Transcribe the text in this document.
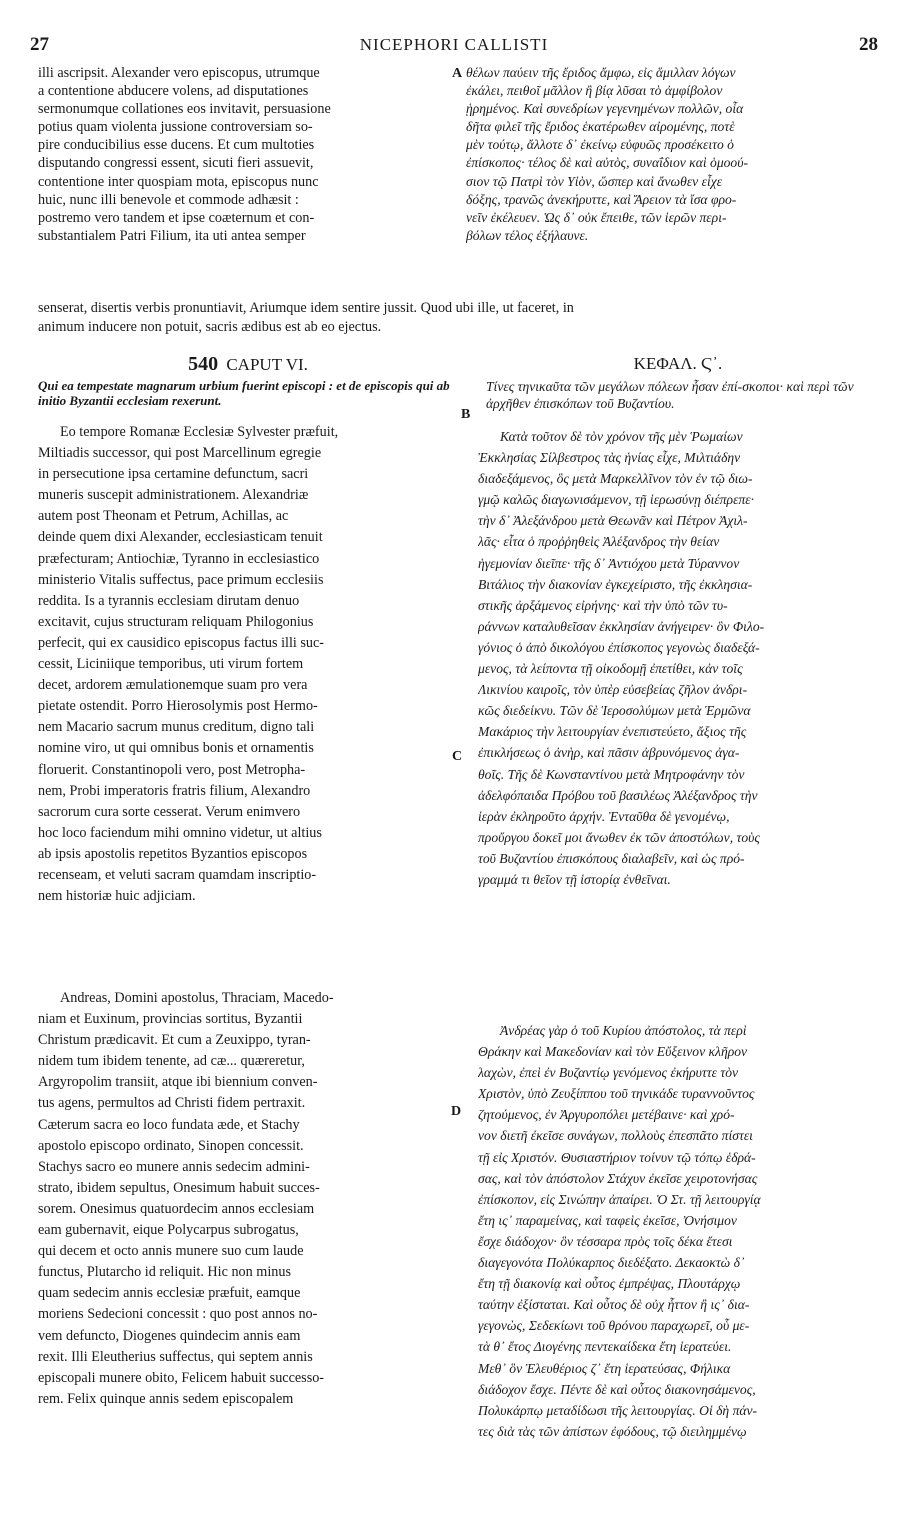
27	NICEPHORI CALLISTI	28
A
B
C
D
illi ascripsit. Alexander vero episcopus, utrumque
a contentione abducere volens, ad disputationes
sermonumque collationes eos invitavit, persuasione
potius quam violenta jussione controversiam so-
pire conducibilius esse ducens. Et cum multoties
disputando congressi essent, sicuti fieri assuevit,
contentione inter quospiam mota, episcopus nunc
huic, nunc illi benevole et commode adhæsit :
postremo vero tandem et ipse coæternum et con-
substantialem Patri Filium, ita uti antea semper
θέλων παύειν τῆς ἔριδος ἄμφω, εἰς ἅμιλλαν λόγων
ἐκάλει, πειθοῖ μᾶλλον ἢ βίᾳ λῦσαι τὸ ἀμφίβολον
ᾑρημένος. Καὶ συνεδρίων γεγενημένων πολλῶν, οἷα
δῆτα φιλεῖ τῆς ἔριδος ἑκατέρωθεν αἰρομένης, ποτὲ
μὲν τούτῳ, ἄλλοτε δ᾽ ἐκείνῳ εὐφυῶς προσέκειτο ὁ
ἐπίσκοπος· τέλος δὲ καὶ αὐτὸς, συναΐδιον καὶ ὁμοού-
σιον τῷ Πατρὶ τὸν Υἱὸν, ὥσπερ καὶ ἄνωθεν εἶχε
δόξης, τρανῶς ἀνεκήρυττε, καὶ Ἄρειον τὰ ἴσα φρο-
νεῖν ἐκέλευεν. Ὡς δ᾽ οὐκ ἔπειθε, τῶν ἱερῶν περι-
βόλων τέλος ἐξήλαυνε.
senserat, disertis verbis pronuntiavit, Ariumque idem sentire jussit. Quod ubi ille, ut faceret, in
animum inducere non potuit, sacris ædibus est ab eo ejectus.
540 CAPUT VI.
Qui ea tempestate magnarum urbium fuerint episcopi : et de episcopis qui ab initio Byzantii ecclesiam rexerunt.
Eo tempore Romanæ Ecclesiæ Sylvester præfuit,
Miltiadis successor, qui post Marcellinum egregie
in persecutione ipsa certamine defunctum, sacri
muneris suscepit administrationem. Alexandriæ
autem post Theonam et Petrum, Achillas, ac
deinde quem dixi Alexander, ecclesiasticam tenuit
præfecturam; Antiochiæ, Tyranno in ecclesiastico
ministerio Vitalis suffectus, pace primum ecclesiis
reddita. Is a tyrannis ecclesiam dirutam denuo
excitavit, cujus structuram reliquam Philogonius
perfecit, qui ex causidico episcopus factus illi suc-
cessit, Liciniique temporibus, uti virum fortem
decet, ardorem æmulationemque suam pro vera
pietate ostendit. Porro Hierosolymis post Hermo-
nem Macario sacrum munus creditum, digno tali
nomine viro, ut qui omnibus bonis et ornamentis
floruerit. Constantinopoli vero, post Metropha-
nem, Probi imperatoris fratris filium, Alexandro
sacrorum cura sorte cesserat. Verum enimvero
hoc loco faciendum mihi omnino videtur, ut altius
ab ipsis apostolis repetitos Byzantios episcopos
recenseam, et veluti sacram quamdam inscriptio-
nem historiæ huic adjiciam.
Andreas, Domini apostolus, Thraciam, Macedo-
niam et Euxinum, provincias sortitus, Byzantii
Christum prædicavit. Et cum a Zeuxippo, tyran-
nidem tum ibidem tenente, ad cæ... quæreretur,
Argyropolim transiit, atque ibi biennium conven-
tus agens, permultos ad Christi fidem pertraxit.
Cæterum sacra eo loco fundata æde, et Stachy
apostolo episcopo ordinato, Sinopen concessit.
Stachys sacro eo munere annis sedecim admini-
strato, ibidem sepultus, Onesimum habuit succes-
sorem. Onesimus quatuordecim annos ecclesiam
eam gubernavit, eique Polycarpus subrogatus,
qui decem et octo annis munere suo cum laude
functus, Plutarcho id reliquit. Hic non minus
quam sedecim annis ecclesiæ præfuit, eamque
moriens Sedecioni concessit : quo post annos no-
vem defuncto, Diogenes quindecim annis eam
rexit. Illi Eleutherius suffectus, qui septem annis
episcopali munere obito, Felicem habuit successo-
rem. Felix quinque annis sedem episcopalem
ΚΕΦΑΛ. Ϛ᾽.
Τίνες τηνικαῦτα τῶν μεγάλων πόλεων ἦσαν ἐπί-σκοποι· καὶ περὶ τῶν ἀρχῆθεν ἐπισκόπων τοῦ Βυζαντίου.
Κατὰ τοῦτον δὲ τὸν χρόνον τῆς μὲν Ῥωμαίων
Ἐκκλησίας Σίλβεστρος τὰς ἡνίας εἶχε, Μιλτιάδην
διαδεξάμενος, ὃς μετὰ Μαρκελλῖνον τὸν ἐν τῷ διω-
γμῷ καλῶς διαγωνισάμενον, τῇ ἱερωσύνῃ διέπρεπε·
τὴν δ᾽ Ἀλεξάνδρου μετὰ Θεωνᾶν καὶ Πέτρον Ἀχιλ-
λᾶς· εἶτα ὁ προῤῥηθεὶς Ἀλέξανδρος τὴν θείαν
ἡγεμονίαν διεῖπε· τῆς δ᾽ Ἀντιόχου μετὰ Τύραννον
Βιτάλιος τὴν διακονίαν ἐγκεχείριστο, τῆς ἐκκλησια-
στικῆς ἀρξάμενος εἰρήνης· καὶ τὴν ὑπὸ τῶν τυ-
ράννων καταλυθεῖσαν ἐκκλησίαν ἀνήγειρεν· ὃν Φιλο-
γόνιος ὁ ἀπὸ δικολόγου ἐπίσκοπος γεγονὼς διαδεξά-
μενος, τὰ λείποντα τῇ οἰκοδομῇ ἐπετίθει, κἀν τοῖς
Λικινίου καιροῖς, τὸν ὑπὲρ εὐσεβείας ζῆλον ἀνδρι-
κῶς διεδείκνυ. Τῶν δὲ Ἱεροσολύμων μετὰ Ἑρμῶνα
Μακάριος τὴν λειτουργίαν ἐνεπιστεύετο, ἄξιος τῆς
ἐπικλήσεως ὁ ἀνὴρ, καὶ πᾶσιν ἀβρυνόμενος ἀγα-
θοῖς. Τῆς δὲ Κωνσταντίνου μετὰ Μητροφάνην τὸν
ἀδελφόπαιδα Πρόβου τοῦ βασιλέως Ἀλέξανδρος τὴν
ἱερὰν ἐκληροῦτο ἀρχήν. Ἐνταῦθα δὲ γενομένῳ,
προὔργου δοκεῖ μοι ἄνωθεν ἐκ τῶν ἀποστόλων, τοὺς
τοῦ Βυζαντίου ἐπισκόπους διαλαβεῖν, καὶ ὡς πρό-
γραμμά τι θεῖον τῇ ἱστορίᾳ ἐνθεῖναι.
Ἀνδρέας γὰρ ὁ τοῦ Κυρίου ἀπόστολος, τὰ περὶ
Θράκην καὶ Μακεδονίαν καὶ τὸν Εὔξεινον κλῆρον
λαχὼν, ἐπεὶ ἐν Βυζαντίῳ γενόμενος ἐκήρυττε τὸν
Χριστὸν, ὑπὸ Ζευξίππου τοῦ τηνικάδε τυραννοῦντος
ζητούμενος, ἐν Ἀργυροπόλει μετέβαινε· καὶ χρό-
νον διετῆ ἐκεῖσε συνάγων, πολλοὺς ἐπεσπᾶτο πίστει
τῇ εἰς Χριστόν. Θυσιαστήριον τοίνυν τῷ τόπῳ ἑδρά-
σας, καὶ τὸν ἀπόστολον Στάχυν ἐκεῖσε χειροτονήσας
ἐπίσκοπον, εἰς Σινώπην ἀπαίρει. Ὁ Στ. τῇ λειτουργίᾳ
ἔτη ις᾽ παραμείνας, καὶ ταφεὶς ἐκεῖσε, Ὀνήσιμον
ἔσχε διάδοχον· ὃν τέσσαρα πρὸς τοῖς δέκα ἔτεσι
διαγεγονότα Πολύκαρπος διεδέξατο. Δεκαοκτὼ δ᾽
ἔτη τῇ διακονίᾳ καὶ οὗτος ἐμπρέψας, Πλουτάρχῳ
ταύτην ἐξίσταται. Καὶ οὗτος δὲ οὐχ ἧττον ἢ ις᾽ δια-
γεγονὼς, Σεδεκίωνι τοῦ θρόνου παραχωρεῖ, οὗ με-
τὰ θ᾽ ἔτος Διογένης πεντεκαίδεκα ἔτη ἱερατεύει.
Μεθ᾽ ὃν Ἐλευθέριος ζ᾽ ἔτη ἱερατεύσας, Φήλικα
διάδοχον ἔσχε. Πέντε δὲ καὶ οὗτος διακονησάμενος,
Πολυκάρπῳ μεταδίδωσι τῆς λειτουργίας. Οἱ δὴ πάν-
τες διὰ τὰς τῶν ἀπίστων ἐφόδους, τῷ διειλημμένῳ
